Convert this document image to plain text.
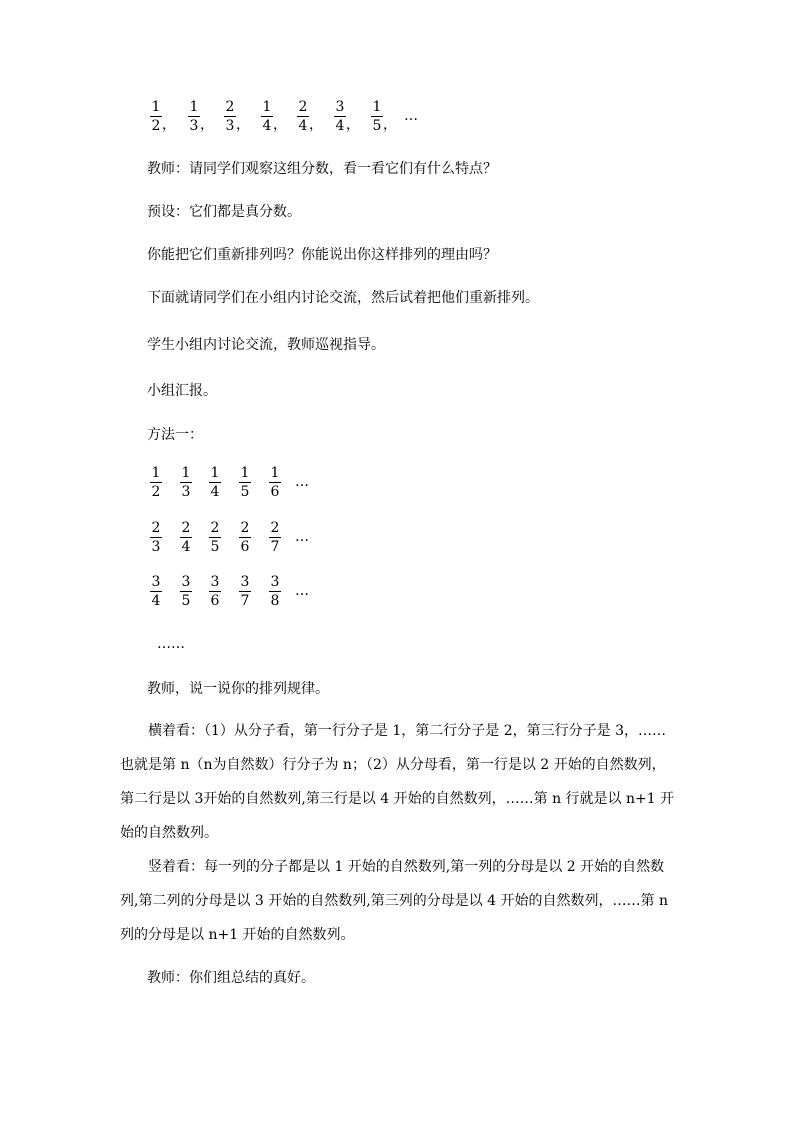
1
2 ，
1
3 ，
2
3 ，
1
4 ，
2
4 ，
3
4 ，
1
5 ，
…
教师：请同学们观察这组分数，看一看它们有什么特点？
预设：它们都是真分数。
你能把它们重新排列吗？你能说出你这样排列的理由吗？
下面就请同学们在小组内讨论交流，然后试着把他们重新排列。
学生小组内讨论交流，教师巡视指导。
小组汇报。
方法一：
1
2
1
3
1
4
1
5
1
6
…
2
3
2
4
2
5
2
6
2
7
…
3
4
3
5
3
6
3
7
3
8
…
……
教师，说一说你的排列规律。
横着看：（1）从分子看，第一行分子是 1，第二行分子是 2，第三行分子是 3，……也就是第 n（n为自然数）行分子为 n；（2）从分母看，第一行是以 2 开始的自然数列，第二行是以 3开始的自然数列,第三行是以 4 开始的自然数列，……第 n 行就是以 n+1 开始的自然数列。
竖着看：每一列的分子都是以 1 开始的自然数列,第一列的分母是以 2 开始的自然数列,第二列的分母是以 3 开始的自然数列,第三列的分母是以 4 开始的自然数列，……第 n 列的分母是以 n+1 开始的自然数列。
教师：你们组总结的真好。
